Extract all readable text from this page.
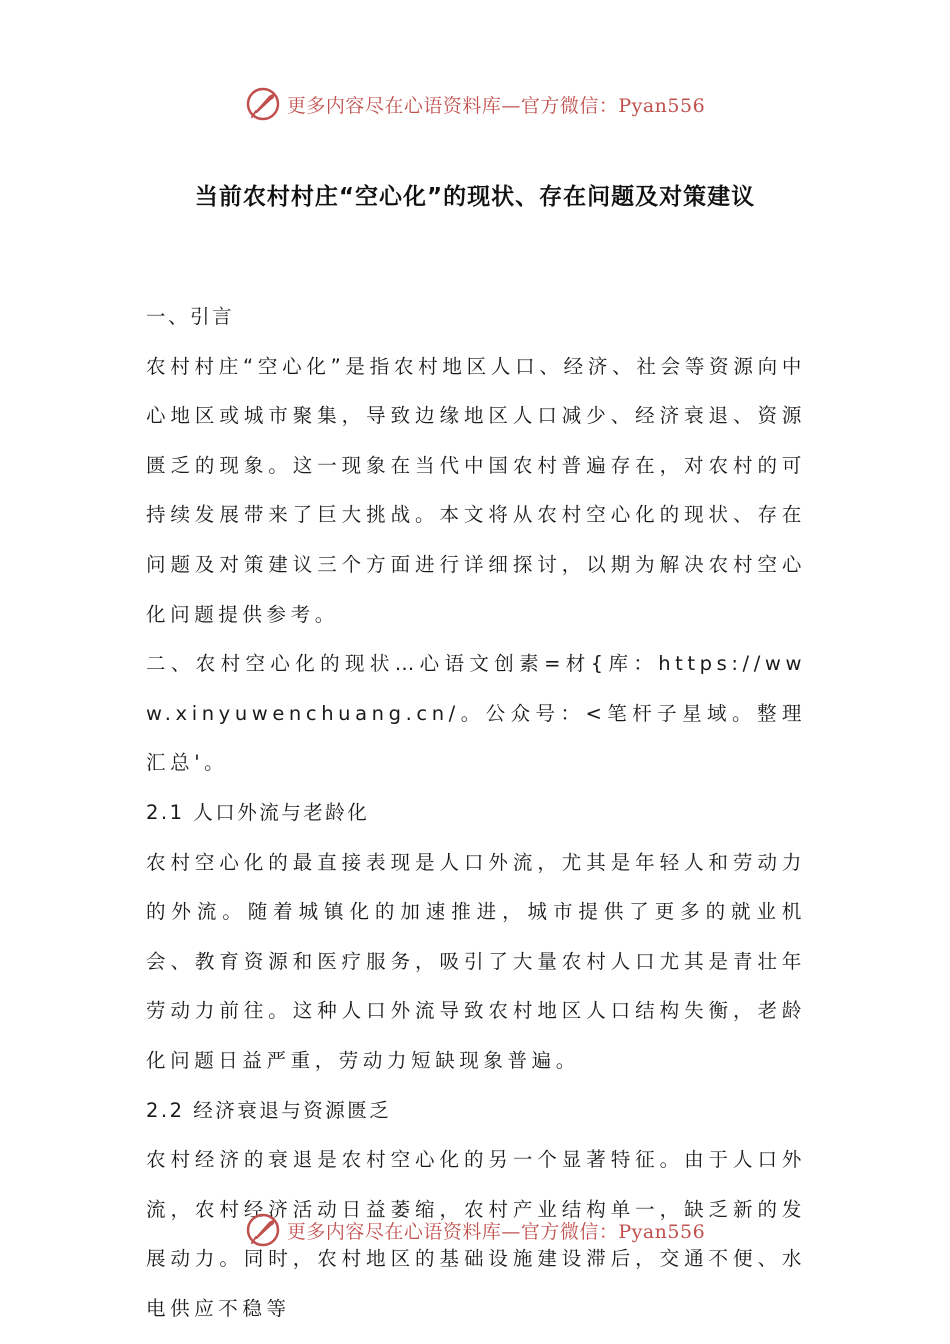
更多内容尽在心语资料库—官方微信：Pyan556
当前农村村庄“空心化”的现状、存在问题及对策建议

一、引言

农村村庄“空心化”是指农村地区人口、经济、社会等资源向中心地区或城市聚集，导致边缘地区人口减少、经济衰退、资源匮乏的现象。这一现象在当代中国农村普遍存在，对农村的可持续发展带来了巨大挑战。本文将从农村空心化的现状、存在问题及对策建议三个方面进行详细探讨，以期为解决农村空心化问题提供参考。

二、农村空心化的现状…心语文创素=材{库：https://www.xinyuwenchuang.cn/。公众号：<笔杆子星域。整理汇总'。

2.1 人口外流与老龄化

农村空心化的最直接表现是人口外流，尤其是年轻人和劳动力的外流。随着城镇化的加速推进，城市提供了更多的就业机会、教育资源和医疗服务，吸引了大量农村人口尤其是青壮年劳动力前往。这种人口外流导致农村地区人口结构失衡，老龄化问题日益严重，劳动力短缺现象普遍。

2.2 经济衰退与资源匮乏

农村经济的衰退是农村空心化的另一个显著特征。由于人口外流，农村经济活动日益萎缩，农村产业结构单一，缺乏新的发展动力。同时，农村地区的基础设施建设滞后，交通不便、水电供应不稳等

更多内容尽在心语资料库—官方微信：Pyan556
